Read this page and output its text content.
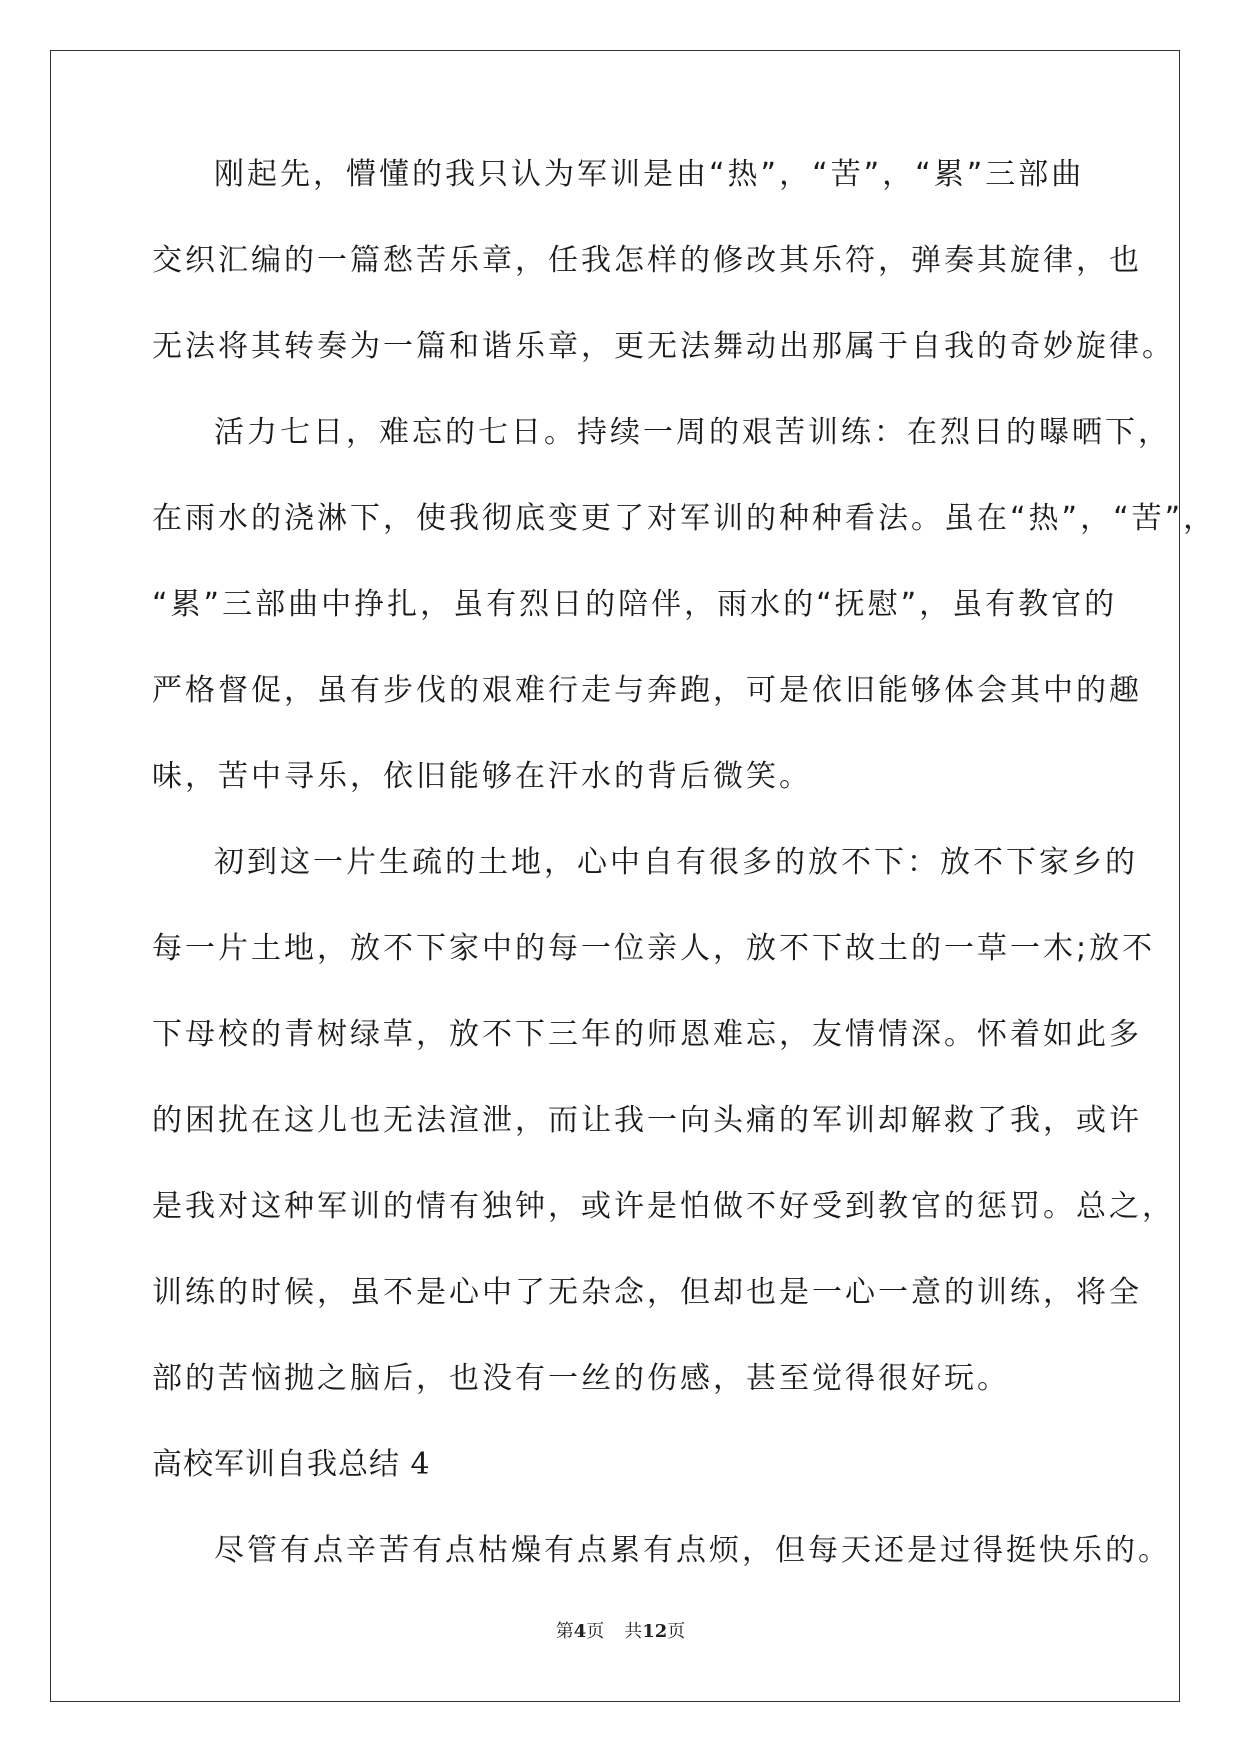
刚起先，懵懂的我只认为军训是由“热”，“苦”，“累”三部曲

交织汇编的一篇愁苦乐章，任我怎样的修改其乐符，弹奏其旋律，也

无法将其转奏为一篇和谐乐章，更无法舞动出那属于自我的奇妙旋律。

活力七日，难忘的七日。持续一周的艰苦训练：在烈日的曝晒下，

在雨水的浇淋下，使我彻底变更了对军训的种种看法。虽在“热”，“苦”，

“累”三部曲中挣扎，虽有烈日的陪伴，雨水的“抚慰”，虽有教官的

严格督促，虽有步伐的艰难行走与奔跑，可是依旧能够体会其中的趣

味，苦中寻乐，依旧能够在汗水的背后微笑。

初到这一片生疏的土地，心中自有很多的放不下：放不下家乡的

每一片土地，放不下家中的每一位亲人，放不下故土的一草一木;放不

下母校的青树绿草，放不下三年的师恩难忘，友情情深。怀着如此多

的困扰在这儿也无法渲泄，而让我一向头痛的军训却解救了我，或许

是我对这种军训的情有独钟，或许是怕做不好受到教官的惩罚。总之，

训练的时候，虽不是心中了无杂念，但却也是一心一意的训练，将全

部的苦恼抛之脑后，也没有一丝的伤感，甚至觉得很好玩。

高校军训自我总结 4

尽管有点辛苦有点枯燥有点累有点烦，但每天还是过得挺快乐的。

第4页 共12页
